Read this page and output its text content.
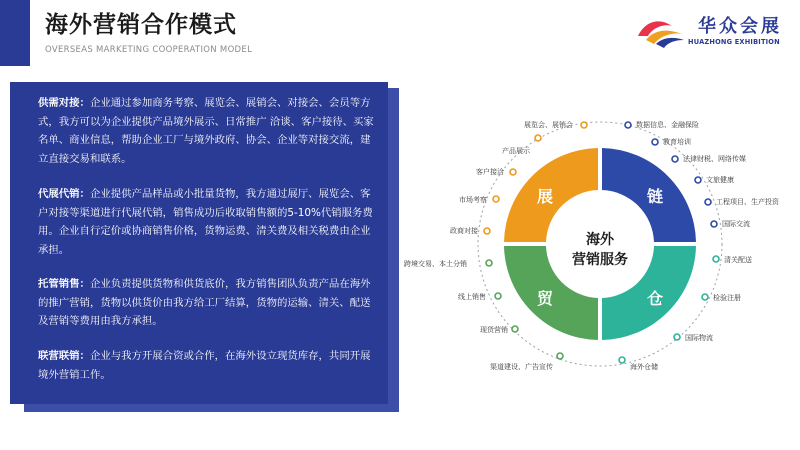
海外营销合作模式
OVERSEAS MARKETING COOPERATION MODEL
华众会展
HUAZHONG EXHIBITION
供需对接：企业通过参加商务考察、展览会、展销会、对接会、会员等方式，我方可以为企业提供产品境外展示、日常推广 洽谈、客户接待、买家名单、商业信息，帮助企业工厂与境外政府、协会、企业等对接交流，建立直接交易和联系。
代展代销：企业提供产品样品或小批量货物，我方通过展厅、展览会、客户对接等渠道进行代展代销，销售成功后收取销售额的5-10%代销服务费用。企业自行定价或协商销售价格，货物运费、清关费及相关税费由企业承担。
托管销售：企业负责提供货物和供货底价，我方销售团队负责产品在海外的推广营销，货物以供货价由我方给工厂结算，货物的运输、清关、配送及营销等费用由我方承担。
联营联销：企业与我方开展合资或合作，在海外设立现货库存，共同开展境外营销工作。
海外
营销服务
展	链
贸	仓
展览会、展销会
产品展示
客户接洽
市场考察
政商对接
跨境交易、本土分销
线上销售
现货营销
渠道建设、广告宣传
数据信息、金融保险
教育培训
法律财税、网络传媒
文旅健康
工程项目、生产投资
国际交流
清关配送
检验注册
国际物流
海外仓储
